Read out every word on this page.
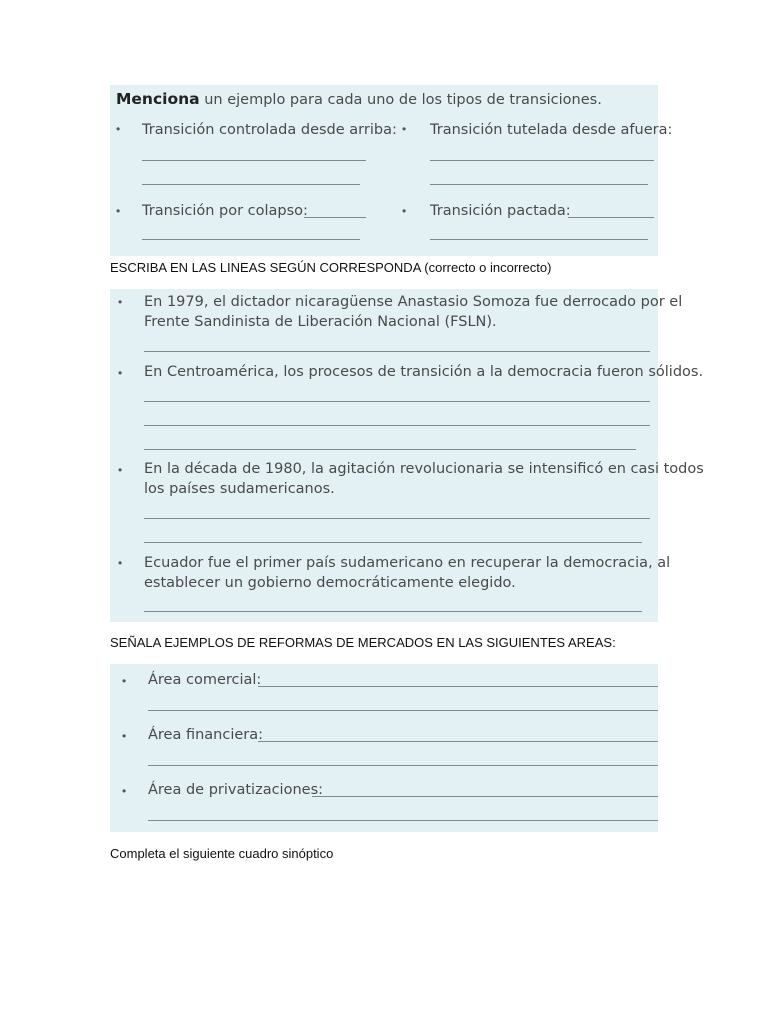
Menciona un ejemplo para cada uno de los tipos de transiciones.
• Transición controlada desde arriba: • Transición tutelada desde afuera:
• Transición por colapso:	• Transición pactada:
ESCRIBA EN LAS LINEAS SEGÚN CORRESPONDA (correcto o incorrecto)
• En 1979, el dictador nicaragüense Anastasio Somoza fue derrocado por el
Frente Sandinista de Liberación Nacional (FSLN).
• En Centroamérica, los procesos de transición a la democracia fueron sólidos.
• En la década de 1980, la agitación revolucionaria se intensificó en casi todos
los países sudamericanos.
• Ecuador fue el primer país sudamericano en recuperar la democracia, al
establecer un gobierno democráticamente elegido.
SEÑALA EJEMPLOS DE REFORMAS DE MERCADOS EN LAS SIGUIENTES AREAS:
• Área comercial:
• Área financiera:
• Área de privatizaciones:
Completa el siguiente cuadro sinóptico
